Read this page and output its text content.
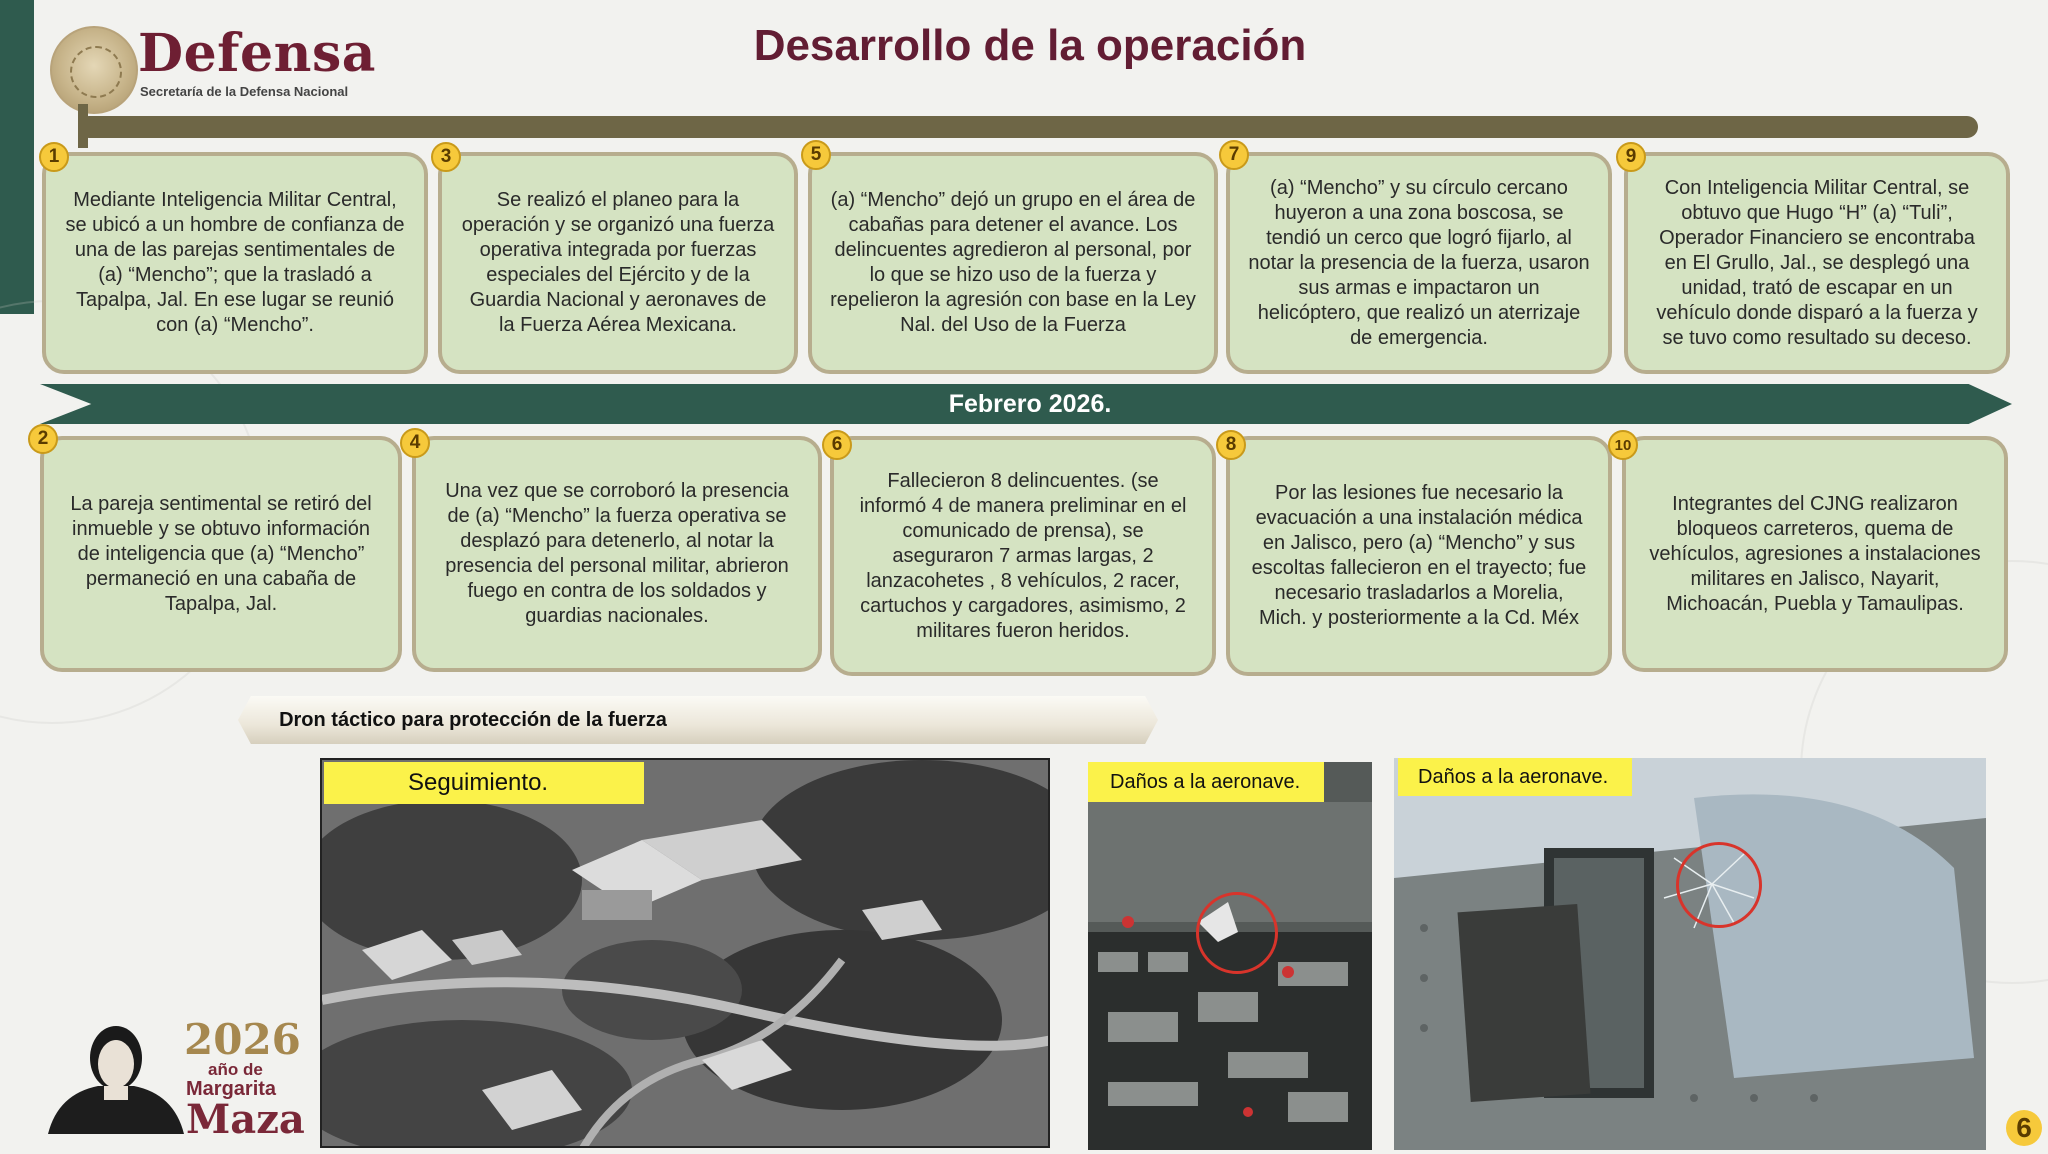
Defensa
Secretaría de la Defensa Nacional
Desarrollo de la operación
Mediante Inteligencia Militar Central, se ubicó a un hombre de confianza de una de las parejas sentimentales de (a) “Mencho”; que la trasladó a Tapalpa, Jal. En ese lugar se reunió con (a) “Mencho”.
1
Se realizó el planeo para la operación y se organizó una fuerza operativa integrada por fuerzas especiales del Ejército y de la Guardia Nacional y aeronaves de la Fuerza Aérea Mexicana.
3
(a) “Mencho” dejó un grupo en el área de cabañas para detener el avance. Los delincuentes agredieron al personal, por lo que se hizo uso de la fuerza y repelieron la agresión con base en la Ley Nal. del Uso de la Fuerza
5
(a) “Mencho” y su círculo cercano huyeron a una zona boscosa, se tendió un cerco que logró fijarlo, al notar la presencia de la fuerza, usaron sus armas e impactaron un helicóptero, que realizó un aterrizaje de emergencia.
7
Con Inteligencia Militar Central, se obtuvo que Hugo “H” (a) “Tuli”, Operador Financiero se encontraba en El Grullo, Jal., se desplegó una unidad, trató de escapar en un vehículo donde disparó a la fuerza y se tuvo como resultado su deceso.
9
Febrero 2026.
La pareja sentimental se retiró del inmueble y se obtuvo información de inteligencia que (a) “Mencho” permaneció en una cabaña de Tapalpa, Jal.
2
Una vez que se corroboró la presencia de (a) “Mencho” la fuerza operativa se desplazó para detenerlo, al notar la presencia del personal militar, abrieron fuego en contra de los soldados y guardias nacionales.
4
Fallecieron 8 delincuentes. (se informó 4 de manera preliminar en el comunicado de prensa), se aseguraron 7 armas largas, 2 lanzacohetes , 8 vehículos, 2 racer, cartuchos y cargadores, asimismo, 2 militares fueron heridos.
6
Por las lesiones fue necesario la evacuación a una instalación médica en Jalisco, pero (a) “Mencho” y sus escoltas fallecieron en el trayecto; fue necesario trasladarlos a Morelia, Mich. y posteriormente a la Cd. Méx
8
Integrantes del CJNG realizaron bloqueos carreteros, quema de vehículos, agresiones a instalaciones militares en Jalisco, Nayarit, Michoacán, Puebla y Tamaulipas.
10
Dron táctico para protección de la fuerza
Seguimiento.	Daños a la aeronave.	Daños a la aeronave.
2026
año de
Margarita
Maza	6
